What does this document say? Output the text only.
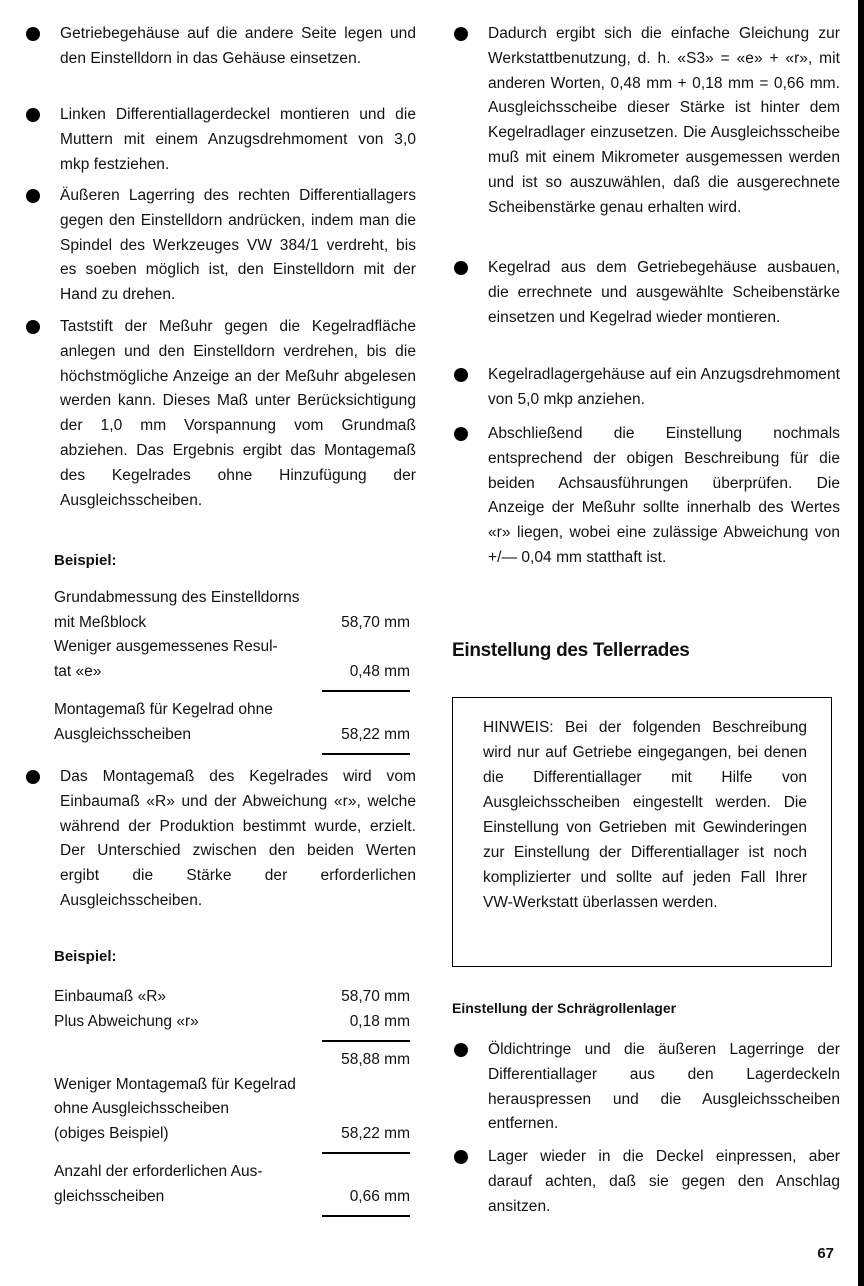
Getriebegehäuse auf die andere Seite legen und den Einstelldorn in das Gehäuse einsetzen.
Linken Differentiallagerdeckel montieren und die Muttern mit einem Anzugsdrehmoment von 3,0 mkp festziehen.
Äußeren Lagerring des rechten Differentiallagers gegen den Einstelldorn andrücken, indem man die Spindel des Werkzeuges VW 384/1 verdreht, bis es soeben möglich ist, den Einstelldorn mit der Hand zu drehen.
Taststift der Meßuhr gegen die Kegelradfläche anlegen und den Einstelldorn verdrehen, bis die höchstmögliche Anzeige an der Meßuhr abgelesen werden kann. Dieses Maß unter Berücksichtigung der 1,0 mm Vorspannung vom Grundmaß abziehen. Das Ergebnis ergibt das Montagemaß des Kegelrades ohne Hinzufügung der Ausgleichsscheiben.
Beispiel:
Grundabmessung des Einstelldorns
mit Meßblock	58,70 mm
Weniger ausgemessenes Resul-
tat «e»	0,48 mm
Montagemaß für Kegelrad ohne
Ausgleichsscheiben	58,22 mm
Das Montagemaß des Kegelrades wird vom Einbaumaß «R» und der Abweichung «r», welche während der Produktion bestimmt wurde, erzielt. Der Unterschied zwischen den beiden Werten ergibt die Stärke der erforderlichen Ausgleichsscheiben.
Beispiel:
Einbaumaß «R»	58,70 mm
Plus Abweichung «r»	0,18 mm
58,88 mm
Weniger Montagemaß für Kegelrad
ohne Ausgleichsscheiben
(obiges Beispiel)	58,22 mm
Anzahl der erforderlichen Aus-
gleichsscheiben	0,66 mm
Dadurch ergibt sich die einfache Gleichung zur Werkstattbenutzung, d. h. «S3» = «e» + «r», mit anderen Worten, 0,48 mm + 0,18 mm = 0,66 mm. Ausgleichsscheibe dieser Stärke ist hinter dem Kegelradlager einzusetzen. Die Ausgleichsscheibe muß mit einem Mikrometer ausgemessen werden und ist so auszuwählen, daß die ausgerechnete Scheibenstärke genau erhalten wird.
Kegelrad aus dem Getriebegehäuse ausbauen, die errechnete und ausgewählte Scheibenstärke einsetzen und Kegelrad wieder montieren.
Kegelradlagergehäuse auf ein Anzugsdrehmoment von 5,0 mkp anziehen.
Abschließend die Einstellung nochmals entsprechend der obigen Beschreibung für die beiden Achsausführungen überprüfen. Die Anzeige der Meßuhr sollte innerhalb des Wertes «r» liegen, wobei eine zulässige Abweichung von +/— 0,04 mm statthaft ist.
Einstellung des Tellerrades
HINWEIS: Bei der folgenden Beschreibung wird nur auf Getriebe eingegangen, bei denen die Differentiallager mit Hilfe von Ausgleichsscheiben eingestellt werden. Die Einstellung von Getrieben mit Gewinderingen zur Einstellung der Differentiallager ist noch komplizierter und sollte auf jeden Fall Ihrer VW-Werkstatt überlassen werden.
Einstellung der Schrägrollenlager
Öldichtringe und die äußeren Lagerringe der Differentiallager aus den Lagerdeckeln herauspressen und die Ausgleichsscheiben entfernen.
Lager wieder in die Deckel einpressen, aber darauf achten, daß sie gegen den Anschlag ansitzen.
67
